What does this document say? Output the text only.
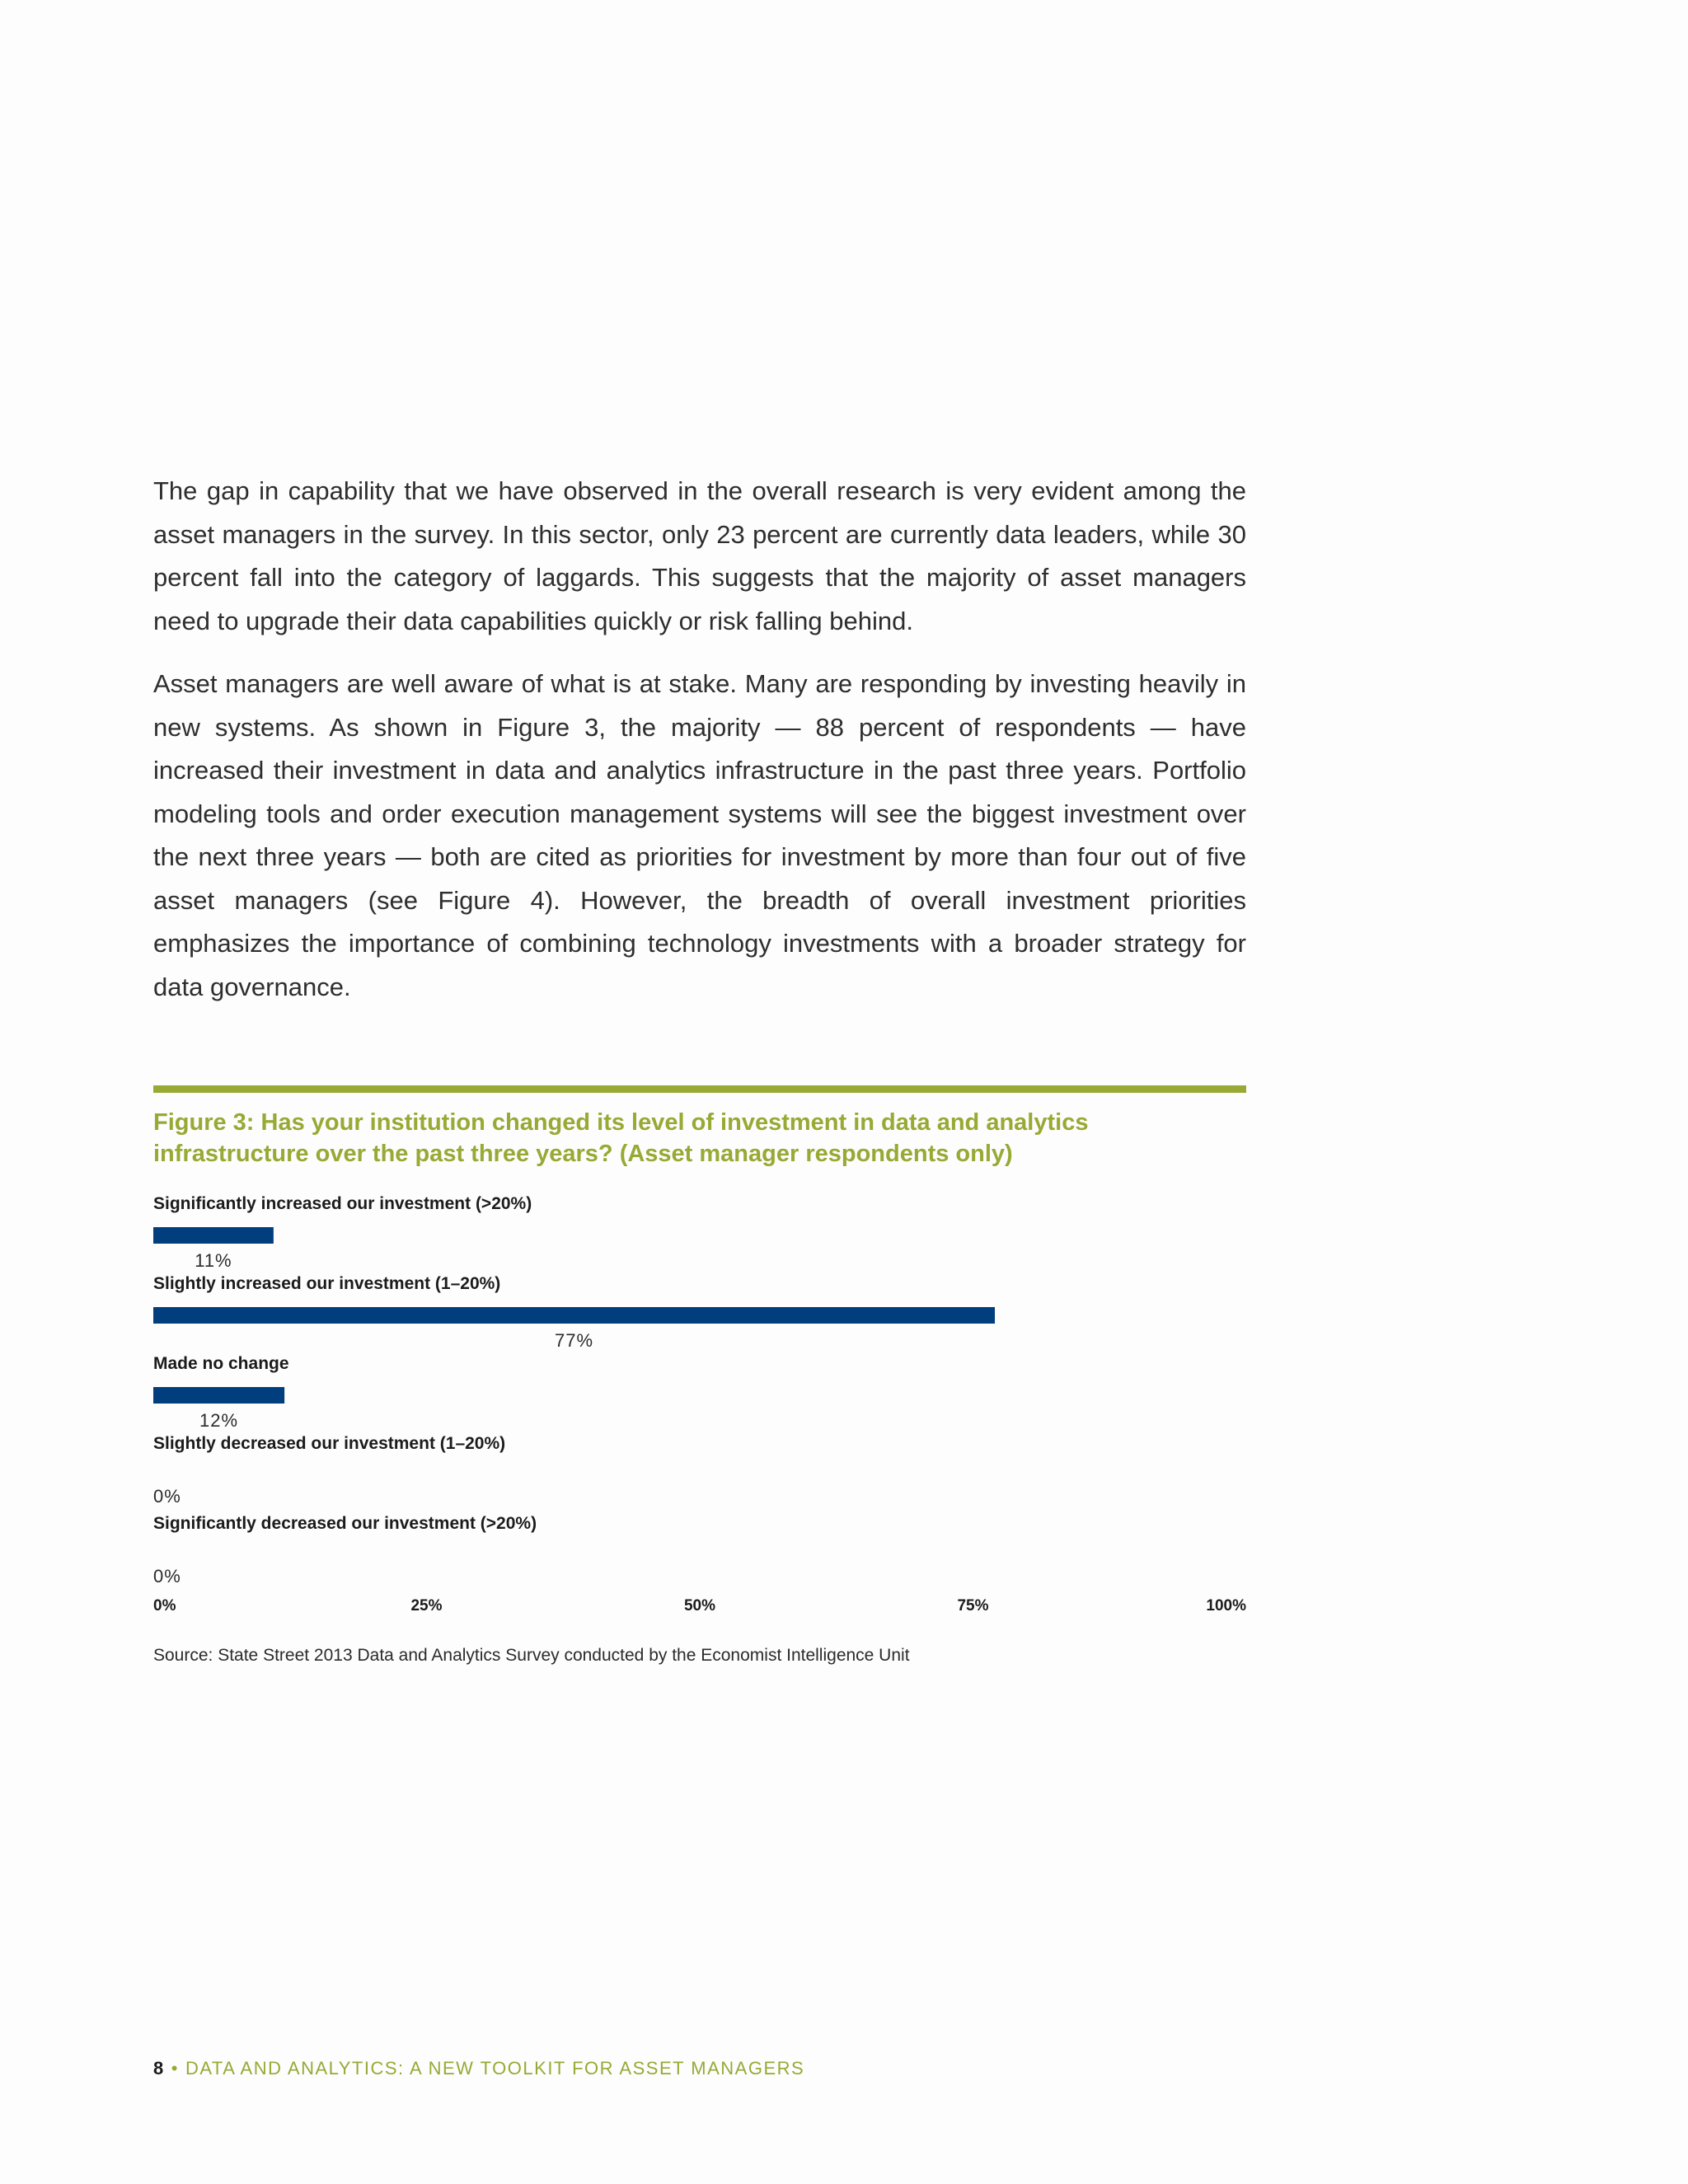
The gap in capability that we have observed in the overall research is very evident among the asset managers in the survey. In this sector, only 23 percent are currently data leaders, while 30 percent fall into the category of laggards. This suggests that the majority of asset managers need to upgrade their data capabilities quickly or risk falling behind.

Asset managers are well aware of what is at stake. Many are responding by investing heavily in new systems. As shown in Figure 3, the majority — 88 percent of respondents — have increased their investment in data and analytics infrastructure in the past three years. Portfolio modeling tools and order execution management systems will see the biggest investment over the next three years — both are cited as priorities for investment by more than four out of five asset managers (see Figure 4). However, the breadth of overall investment priorities emphasizes the importance of combining technology investments with a broader strategy for data governance.

Figure 3: Has your institution changed its level of investment in data and analytics infrastructure over the past three years? (Asset manager respondents only)

Significantly increased our investment (>20%)
11%
Slightly increased our investment (1–20%)
77%
Made no change
12%
Slightly decreased our investment (1–20%)
0%
Significantly decreased our investment (>20%)
0%
0%	25%	50%	75%	100%

Source: State Street 2013 Data and Analytics Survey conducted by the Economist Intelligence Unit

8 • DATA AND ANALYTICS: A NEW TOOLKIT FOR ASSET MANAGERS
